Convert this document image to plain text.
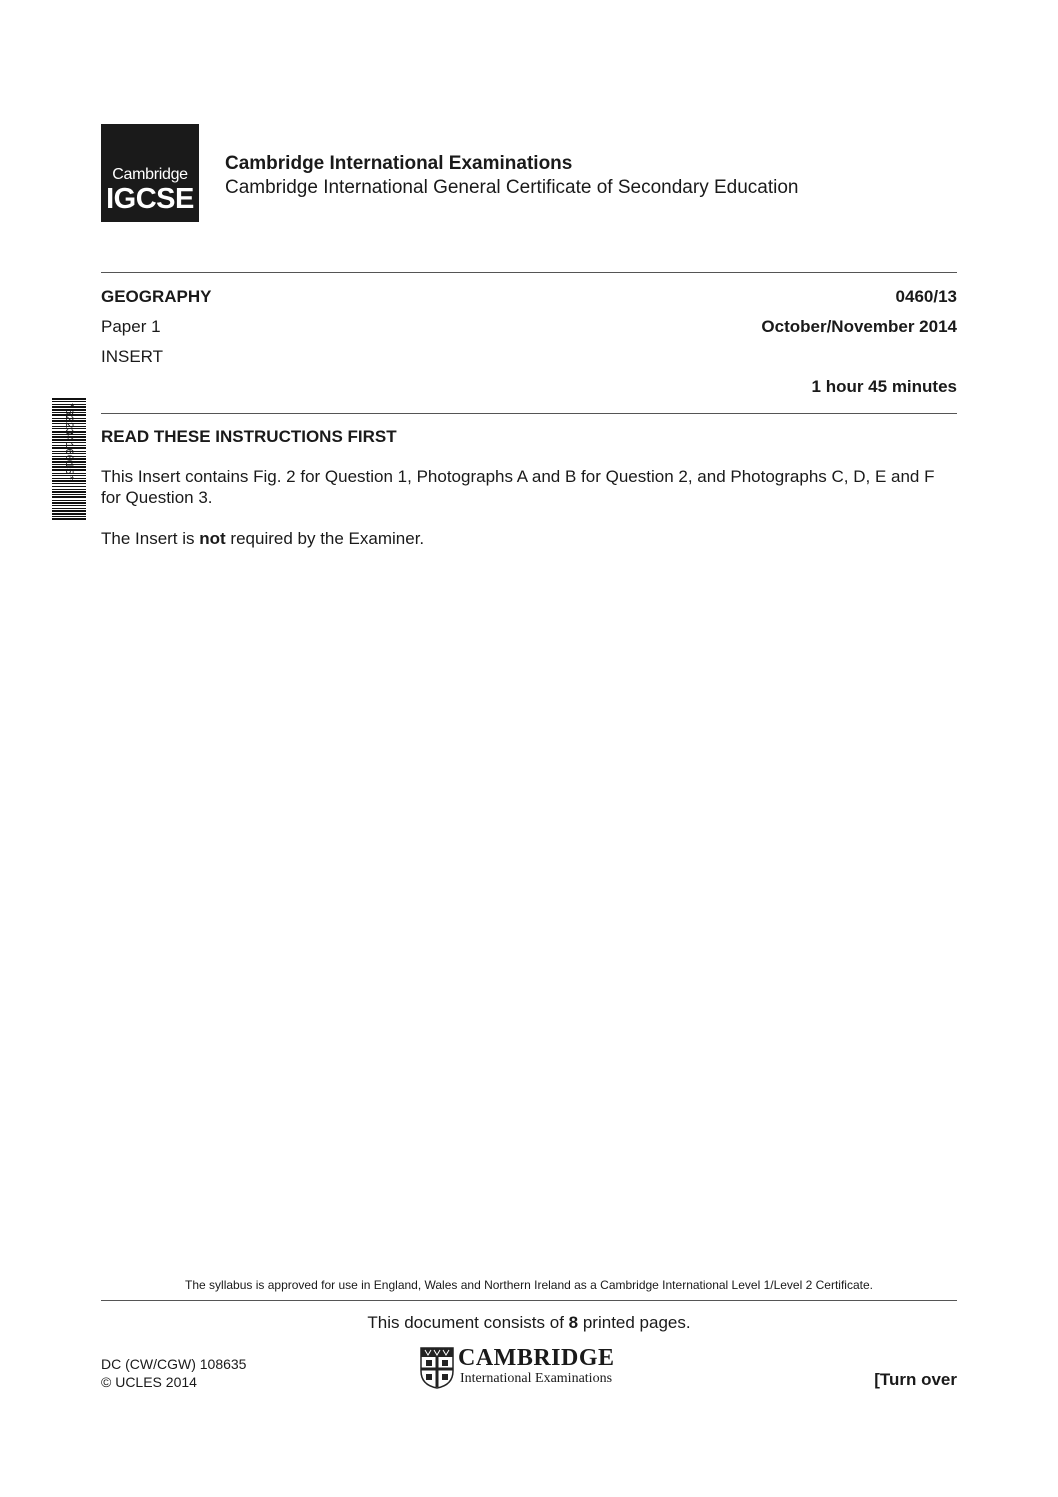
Cambridge
IGCSE
Cambridge International Examinations
Cambridge International General Certificate of Secondary Education
GEOGRAPHY	0460/13
Paper 1	October/November 2014
INSERT
1 hour 45 minutes
*6223416015* READ THESE INSTRUCTIONS FIRST
This Insert contains Fig. 2 for Question 1, Photographs A and B for Question 2, and Photographs C, D, E and F for Question 3.
The Insert is not required by the Examiner.
The syllabus is approved for use in England, Wales and Northern Ireland as a Cambridge International Level 1/Level 2 Certificate.
This document consists of 8 printed pages.
DC (CW/CGW) 108635
© UCLES 2014
CAMBRIDGE
International Examinations	[Turn over
